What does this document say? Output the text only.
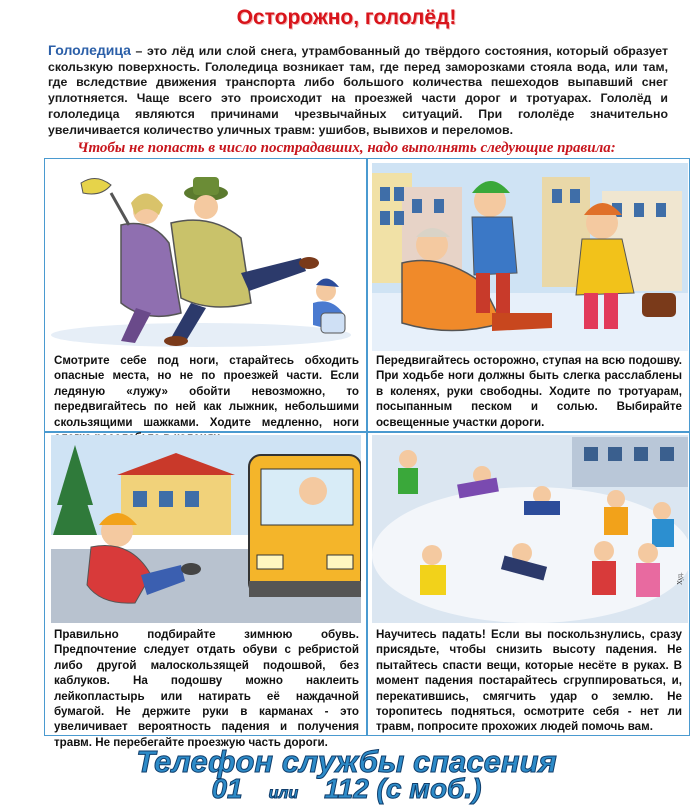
Осторожно, гололёд!
Гололедица – это лёд или слой снега, утрамбованный до твёрдого состояния, который образует скользкую поверхность. Гололедица возникает там, где перед заморозками стояла вода, или там, где вследствие движения транспорта либо большого количества пешеходов выпавший снег уплотняется. Чаще всего это происходит на проезжей части дорог и тротуарах. Гололёд и гололедица являются причинами чрезвычайных ситуаций. При гололёде значительно увеличивается количество уличных травм: ушибов, вывихов и переломов.
Чтобы не попасть в число пострадавших, надо выполнять следующие правила:
Смотрите себе под ноги, старайтесь обходить опасные места, но не по проезжей части. Если ледяную «лужу» обойти невозможно, то передвигайтесь по ней как лыжник, небольшими скользящими шажками. Ходите медленно, ноги
Передвигайтесь осторожно, ступая на всю подошву. При ходьбе ноги должны быть слегка расслаблены в коленях, руки свободны. Ходите по тротуарам, посыпанным песком и солью. Выбирайте освещенные участки дороги.
Правильно подбирайте зимнюю обувь. Предпочтение следует отдать обуви с ребристой либо другой малоскользящей подошвой, без каблуков. На подошву можно наклеить лейкопластырь или натирать её наждачной бумагой. Не держите руки в карманах - это увеличивает вероятность падения и получения травм. Не перебегайте проезжую часть дороги.
Худ.
Научитесь падать! Если вы поскользнулись, сразу присядьте, чтобы снизить высоту падения. Не пытайтесь спасти вещи, которые несёте в руках. В момент падения постарайтесь сгруппироваться, и, перекатившись, смягчить удар о землю. Не торопитесь подняться, осмотрите себя - нет ли травм, попросите прохожих людей помочь вам.
Телефон службы спасения
01 или 112 (с моб.)
